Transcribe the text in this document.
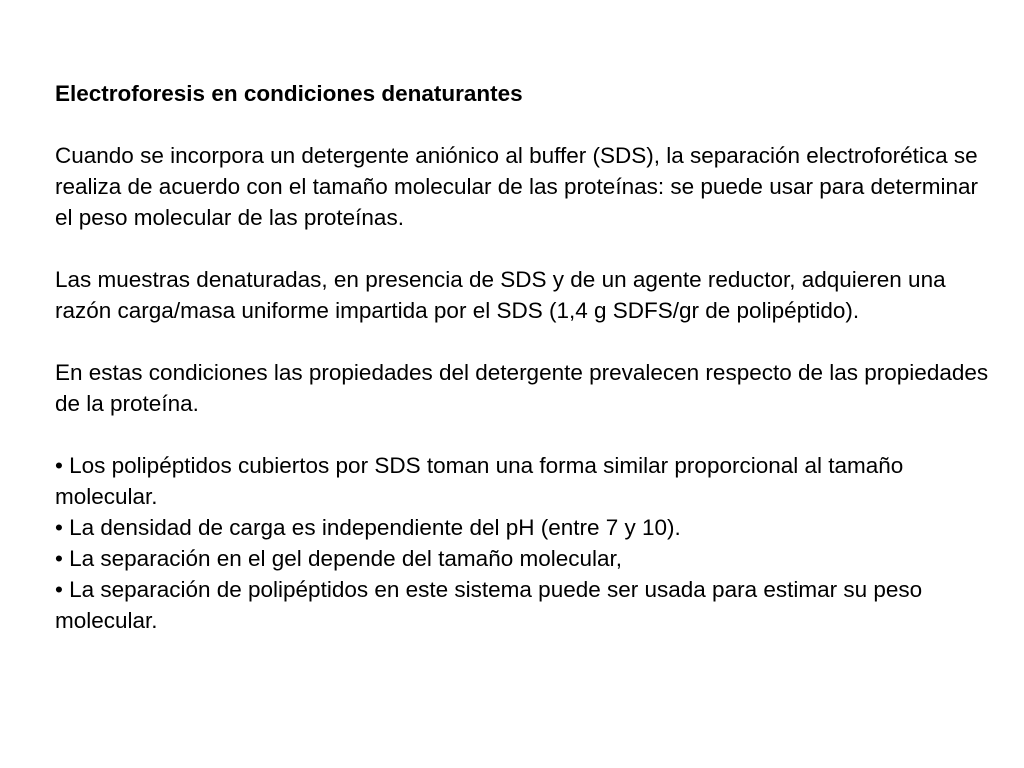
Electroforesis en condiciones denaturantes

Cuando se incorpora un detergente aniónico al buffer (SDS), la separación electroforética se realiza de acuerdo con el tamaño molecular de las proteínas: se puede usar para determinar el peso molecular de las proteínas.

Las muestras denaturadas, en presencia de SDS y de un agente reductor, adquieren una razón carga/masa uniforme impartida por el SDS (1,4 g SDFS/gr de polipéptido).

En estas condiciones las propiedades del detergente prevalecen respecto de las propiedades de la proteína.

• Los polipéptidos cubiertos por SDS toman una forma similar proporcional al tamaño molecular.
• La densidad de carga es independiente del pH (entre 7 y 10).
• La separación en el gel depende del tamaño molecular,
• La separación de polipéptidos en este sistema puede ser usada para estimar su peso molecular.
